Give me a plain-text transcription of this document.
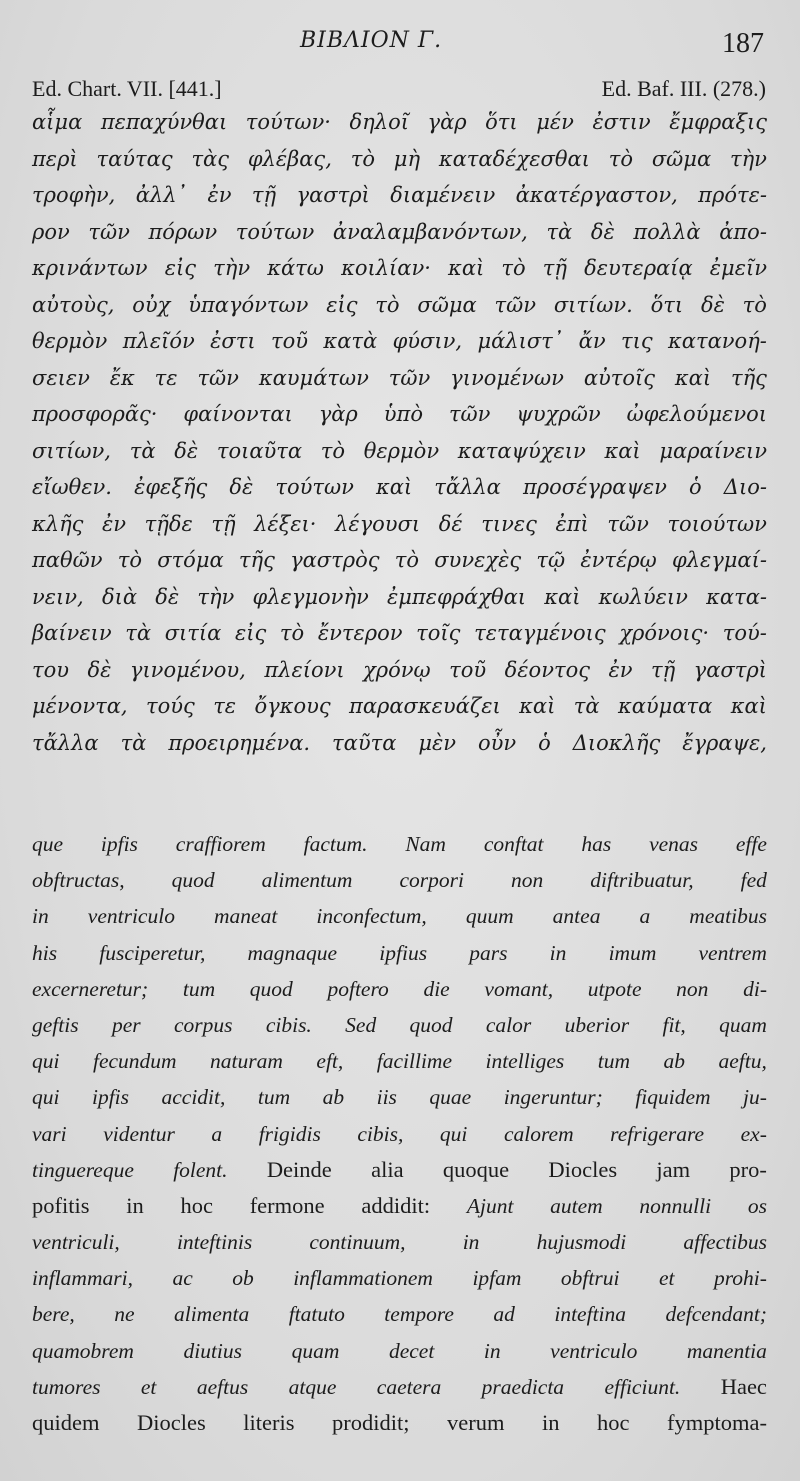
ΒΙΒΛΙΟΝ Γ.	187
Ed. Chart. VII. [441.]	Ed. Baf. III. (278.)
αἷμα πεπαχύνθαι τούτων· δηλοῖ γὰρ ὅτι μέν ἐστιν ἔμφραξις
περὶ ταύτας τὰς φλέβας, τὸ μὴ καταδέχεσθαι τὸ σῶμα τὴν
τροφὴν, ἀλλ᾽ ἐν τῇ γαστρὶ διαμένειν ἀκατέργαστον, πρότε-
ρον τῶν πόρων τούτων ἀναλαμβανόντων, τὰ δὲ πολλὰ ἀπο-
κρινάντων εἰς τὴν κάτω κοιλίαν· καὶ τὸ τῇ δευτεραίᾳ ἐμεῖν
αὐτοὺς, οὐχ ὑπαγόντων εἰς τὸ σῶμα τῶν σιτίων. ὅτι δὲ τὸ
θερμὸν πλεῖόν ἐστι τοῦ κατὰ φύσιν, μάλιστ᾽ ἄν τις κατανοή-
σειεν ἔκ τε τῶν καυμάτων τῶν γινομένων αὐτοῖς καὶ τῆς
προσφορᾶς· φαίνονται γὰρ ὑπὸ τῶν ψυχρῶν ὠφελούμενοι
σιτίων, τὰ δὲ τοιαῦτα τὸ θερμὸν καταψύχειν καὶ μαραίνειν
εἴωθεν. ἐφεξῆς δὲ τούτων καὶ τἄλλα προσέγραψεν ὁ Διο-
κλῆς ἐν τῇδε τῇ λέξει· λέγουσι δέ τινες ἐπὶ τῶν τοιούτων
παθῶν τὸ στόμα τῆς γαστρὸς τὸ συνεχὲς τῷ ἐντέρῳ φλεγμαί-
νειν, διὰ δὲ τὴν φλεγμονὴν ἐμπεφράχθαι καὶ κωλύειν κατα-
βαίνειν τὰ σιτία εἰς τὸ ἔντερον τοῖς τεταγμένοις χρόνοις· τού-
του δὲ γινομένου, πλείονι χρόνῳ τοῦ δέοντος ἐν τῇ γαστρὶ
μένοντα, τούς τε ὄγκους παρασκευάζει καὶ τὰ καύματα καὶ
τἄλλα τὰ προειρημένα. ταῦτα μὲν οὖν ὁ Διοκλῆς ἔγραψε,
que ipfis craffiorem factum. Nam conftat has venas effe
obftructas, quod alimentum corpori non diftribuatur, fed
in ventriculo maneat inconfectum, quum antea a meatibus
his fusciperetur, magnaque ipfius pars in imum ventrem
excerneretur; tum quod poftero die vomant, utpote non di-
geftis per corpus cibis. Sed quod calor uberior fit, quam
qui fecundum naturam eft, facillime intelliges tum ab aeftu,
qui ipfis accidit, tum ab iis quae ingeruntur; fiquidem ju-
vari videntur a frigidis cibis, qui calorem refrigerare ex-
tinguereque folent. Deinde alia quoque Diocles jam pro-
pofitis in hoc fermone addidit: Ajunt autem nonnulli os
ventriculi,	inteftinis	continuum,	in	hujusmodi	affectibus
inflammari, ac ob inflammationem ipfam obftrui et prohi-
bere, ne alimenta ftatuto tempore ad inteftina defcendant;
quamobrem diutius quam decet in ventriculo manentia
tumores et aeftus atque caetera praedicta efficiunt. Haec
quidem Diocles literis prodidit; verum in hoc fymptoma-
